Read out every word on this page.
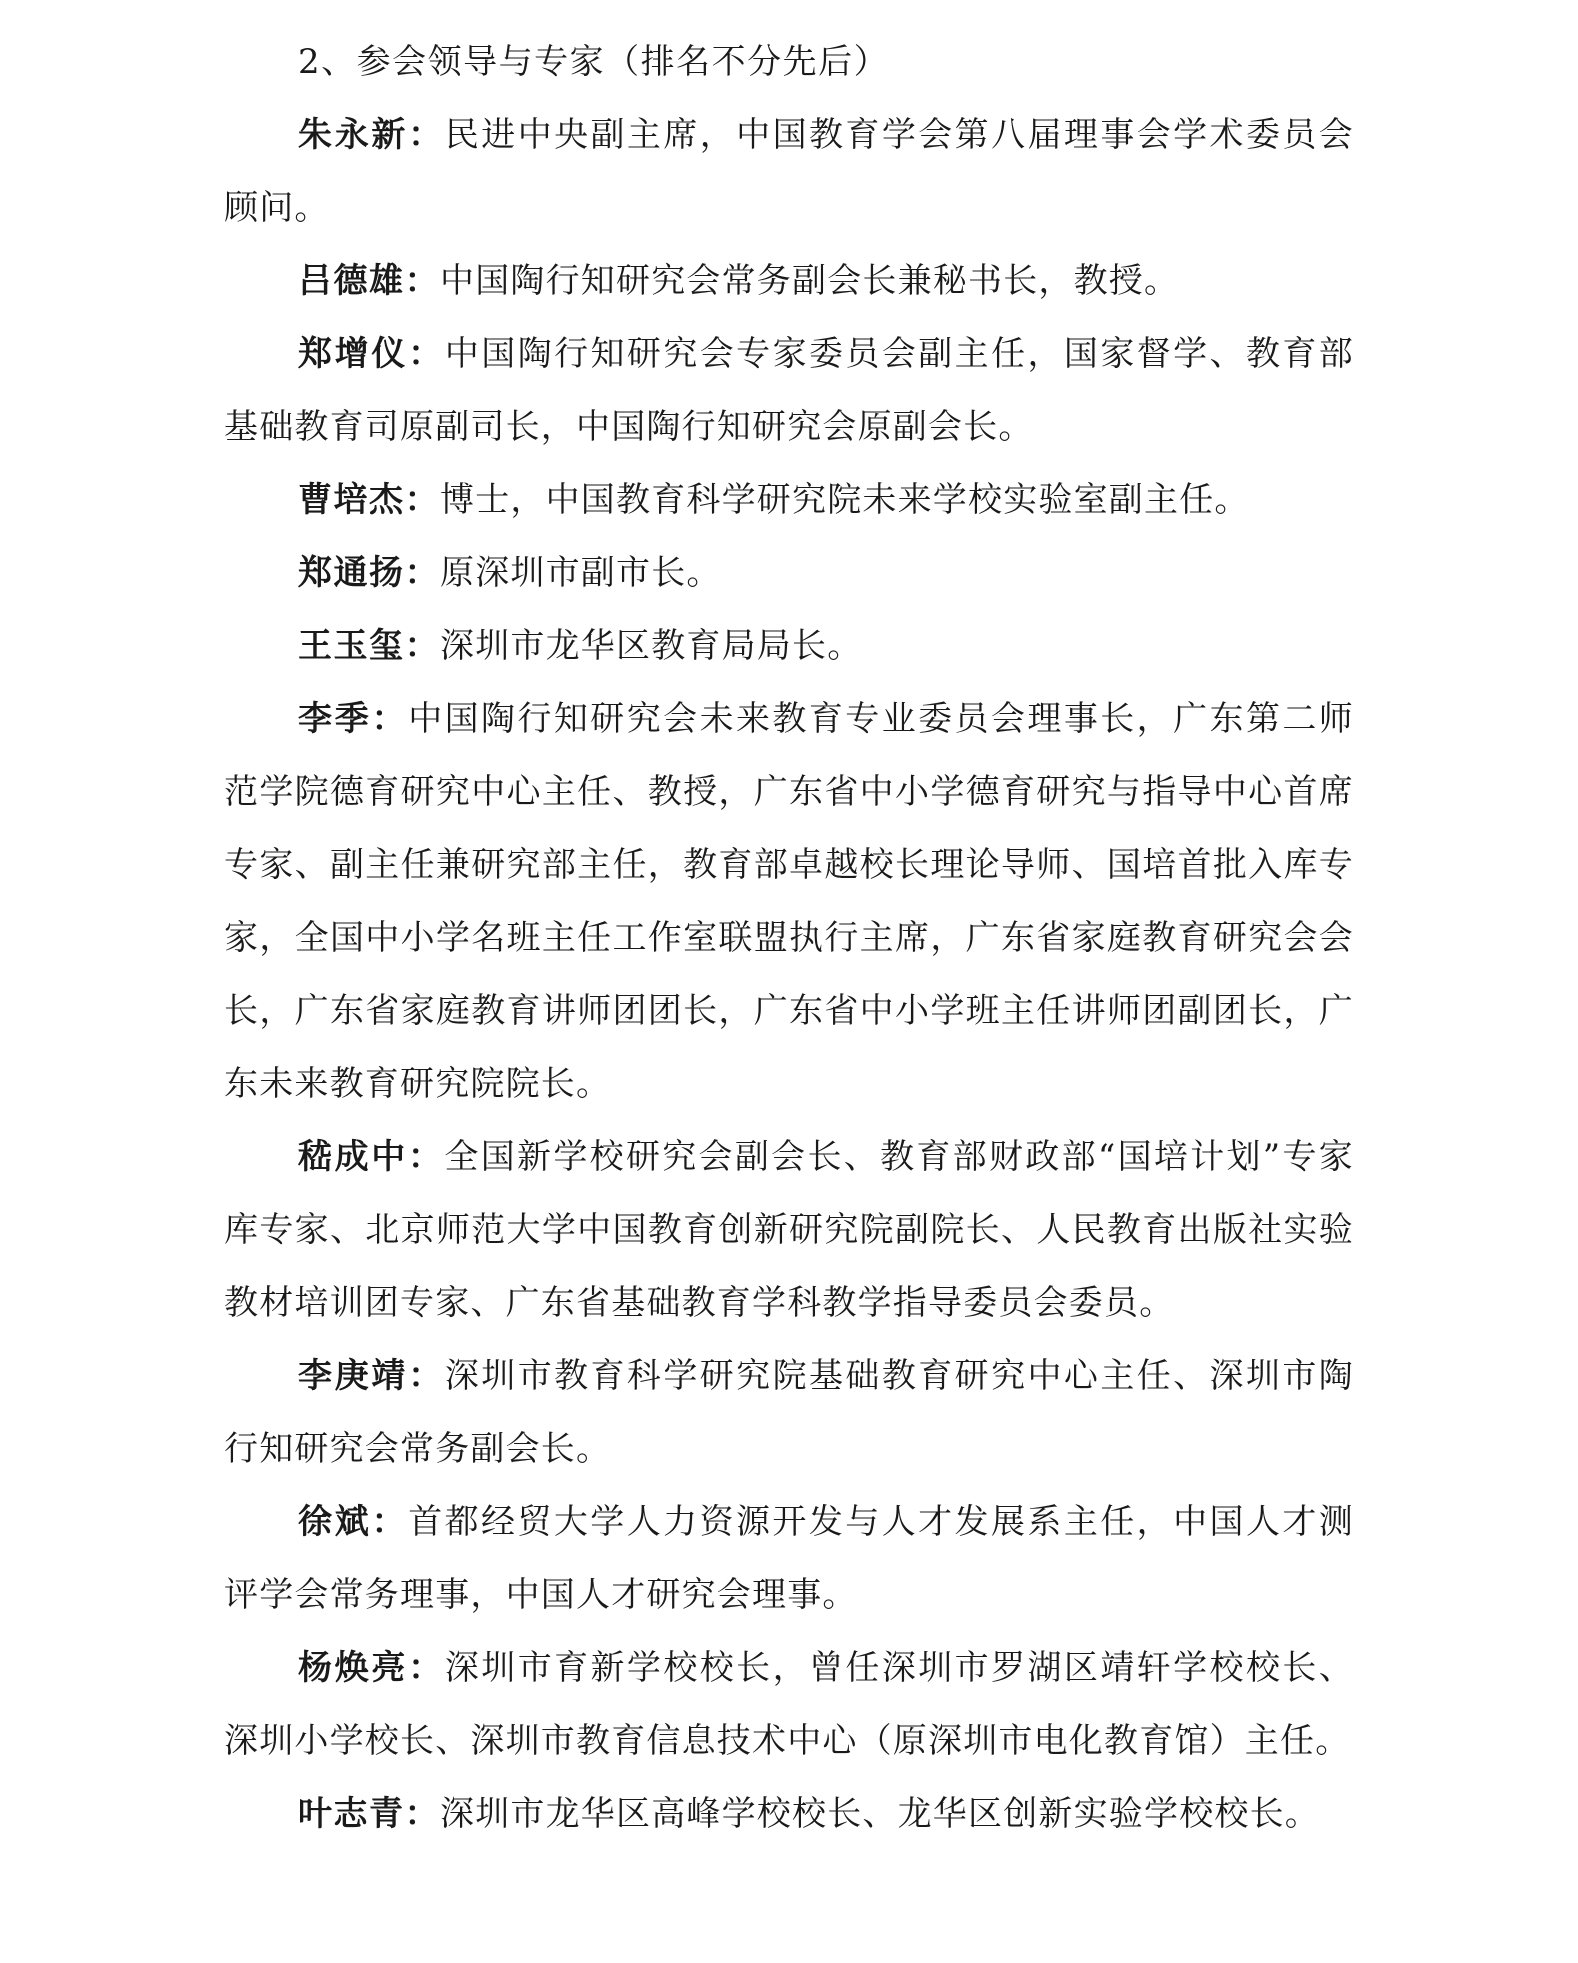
2、参会领导与专家（排名不分先后）
朱永新：民进中央副主席，中国教育学会第八届理事会学术委员会顾问。
吕德雄：中国陶行知研究会常务副会长兼秘书长，教授。
郑增仪：中国陶行知研究会专家委员会副主任，国家督学、教育部基础教育司原副司长，中国陶行知研究会原副会长。
曹培杰：博士，中国教育科学研究院未来学校实验室副主任。
郑通扬：原深圳市副市长。
王玉玺：深圳市龙华区教育局局长。
李季：中国陶行知研究会未来教育专业委员会理事长，广东第二师范学院德育研究中心主任、教授，广东省中小学德育研究与指导中心首席专家、副主任兼研究部主任，教育部卓越校长理论导师、国培首批入库专家，全国中小学名班主任工作室联盟执行主席，广东省家庭教育研究会会长，广东省家庭教育讲师团团长，广东省中小学班主任讲师团副团长，广东未来教育研究院院长。
嵇成中：全国新学校研究会副会长、教育部财政部“国培计划”专家库专家、北京师范大学中国教育创新研究院副院长、人民教育出版社实验教材培训团专家、广东省基础教育学科教学指导委员会委员。
李庚靖：深圳市教育科学研究院基础教育研究中心主任、深圳市陶行知研究会常务副会长。
徐斌：首都经贸大学人力资源开发与人才发展系主任，中国人才测评学会常务理事，中国人才研究会理事。
杨焕亮：深圳市育新学校校长，曾任深圳市罗湖区靖轩学校校长、深圳小学校长、深圳市教育信息技术中心（原深圳市电化教育馆）主任。
叶志青：深圳市龙华区高峰学校校长、龙华区创新实验学校校长。
